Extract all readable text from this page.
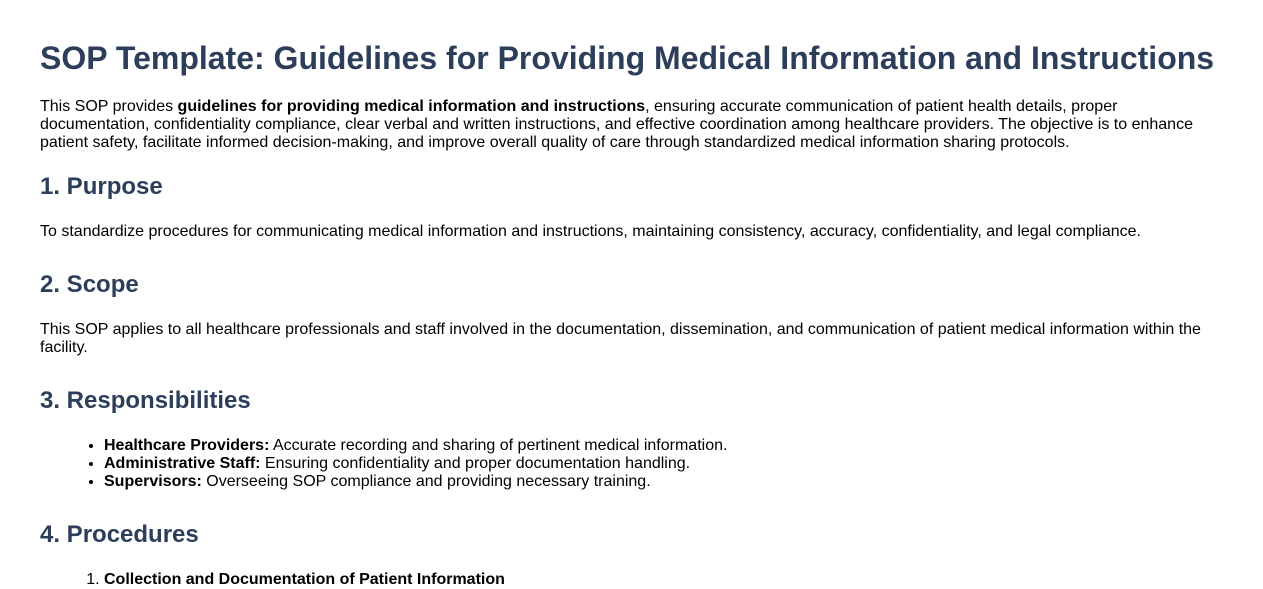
SOP Template: Guidelines for Providing Medical Information and Instructions

This SOP provides guidelines for providing medical information and instructions, ensuring accurate communication of patient health details, proper documentation, confidentiality compliance, clear verbal and written instructions, and effective coordination among healthcare providers. The objective is to enhance patient safety, facilitate informed decision-making, and improve overall quality of care through standardized medical information sharing protocols.

1. Purpose

To standardize procedures for communicating medical information and instructions, maintaining consistency, accuracy, confidentiality, and legal compliance.

2. Scope

This SOP applies to all healthcare professionals and staff involved in the documentation, dissemination, and communication of patient medical information within the facility.

3. Responsibilities
• Healthcare Providers: Accurate recording and sharing of pertinent medical information.
• Administrative Staff: Ensuring confidentiality and proper documentation handling.
• Supervisors: Overseeing SOP compliance and providing necessary training.
4. Procedures
1. Collection and Documentation of Patient Information
